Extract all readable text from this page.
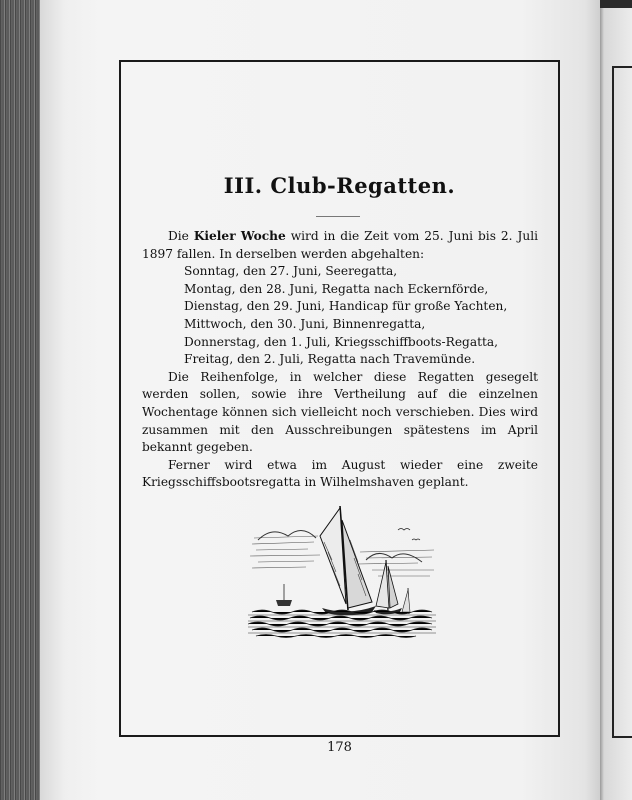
III. Club-Regatten.

Die Kieler Woche wird in die Zeit vom 25. Juni bis 2. Juli 1897 fallen. In derselben werden abgehalten:

Sonntag, den 27. Juni, Seeregatta,
Montag, den 28. Juni, Regatta nach Eckernförde,
Dienstag, den 29. Juni, Handicap für große Yachten,
Mittwoch, den 30. Juni, Binnenregatta,
Donnerstag, den 1. Juli, Kriegsschiffboots-Regatta,
Freitag, den 2. Juli, Regatta nach Travemünde.

Die Reihenfolge, in welcher diese Regatten gesegelt werden sollen, sowie ihre Vertheilung auf die einzelnen Wochentage können sich vielleicht noch verschieben. Dies wird zusammen mit den Ausschreibungen spätestens im April bekannt gegeben.

Ferner wird etwa im August wieder eine zweite Kriegsschiffsbootsregatta in Wilhelmshaven geplant.

178
